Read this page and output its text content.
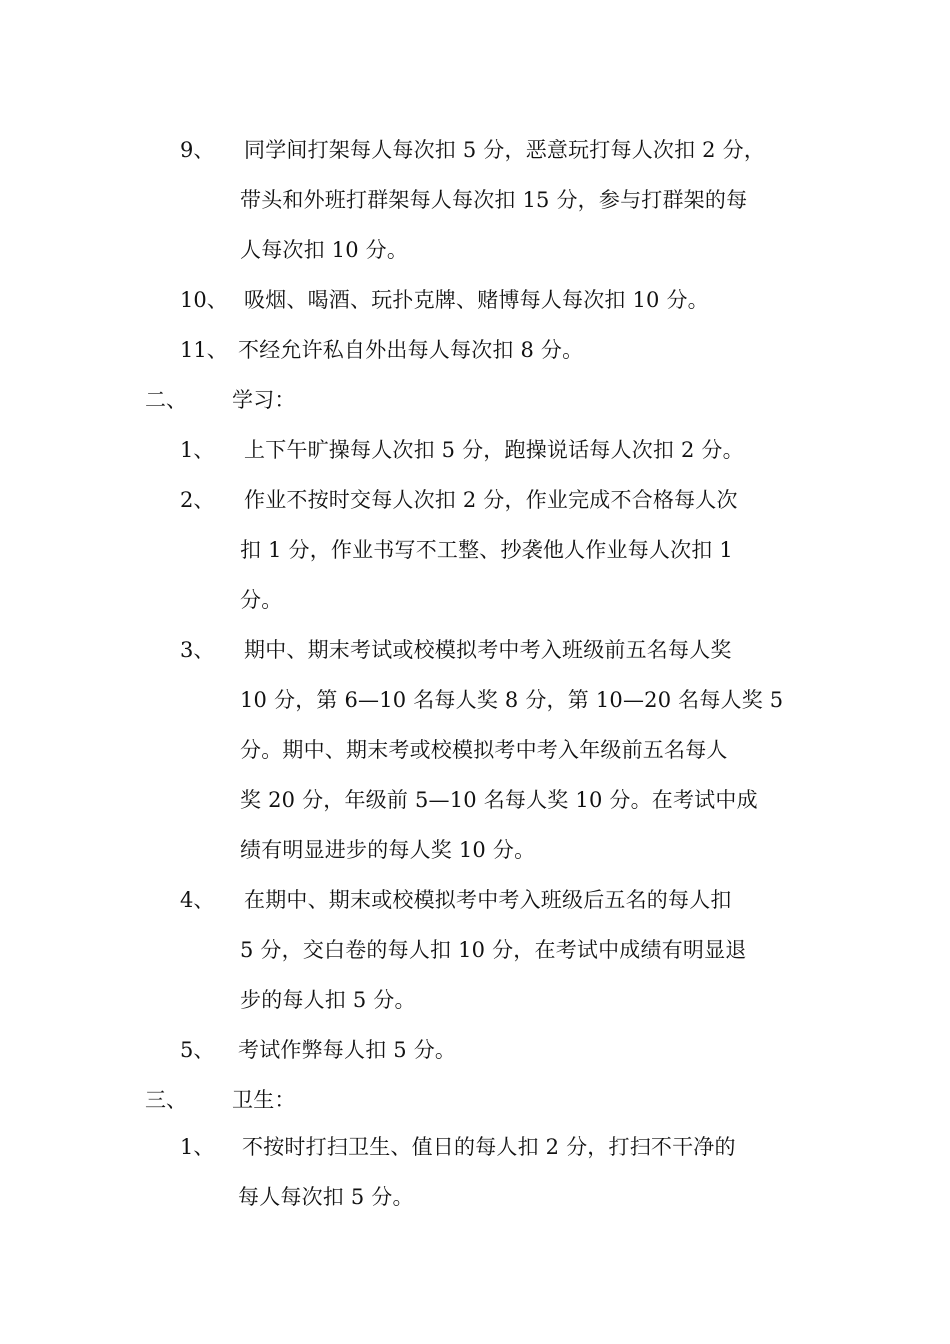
9、 同学间打架每人每次扣 5 分，恶意玩打每人次扣 2 分，
带头和外班打群架每人每次扣 15 分，参与打群架的每
人每次扣 10 分。
10、 吸烟、喝酒、玩扑克牌、赌博每人每次扣 10 分。
11、 不经允许私自外出每人每次扣 8 分。
二、 学习：
1、 上下午旷操每人次扣 5 分，跑操说话每人次扣 2 分。
2、 作业不按时交每人次扣 2 分，作业完成不合格每人次
扣 1 分，作业书写不工整、抄袭他人作业每人次扣 1
分。
3、 期中、期末考试或校模拟考中考入班级前五名每人奖
10 分，第 6—10 名每人奖 8 分，第 10—20 名每人奖 5
分。期中、期末考或校模拟考中考入年级前五名每人
奖 20 分，年级前 5—10 名每人奖 10 分。在考试中成
绩有明显进步的每人奖 10 分。
4、 在期中、期末或校模拟考中考入班级后五名的每人扣
5 分，交白卷的每人扣 10 分，在考试中成绩有明显退
步的每人扣 5 分。
5、 考试作弊每人扣 5 分。
三、 卫生：
1、 不按时打扫卫生、值日的每人扣 2 分，打扫不干净的
每人每次扣 5 分。
